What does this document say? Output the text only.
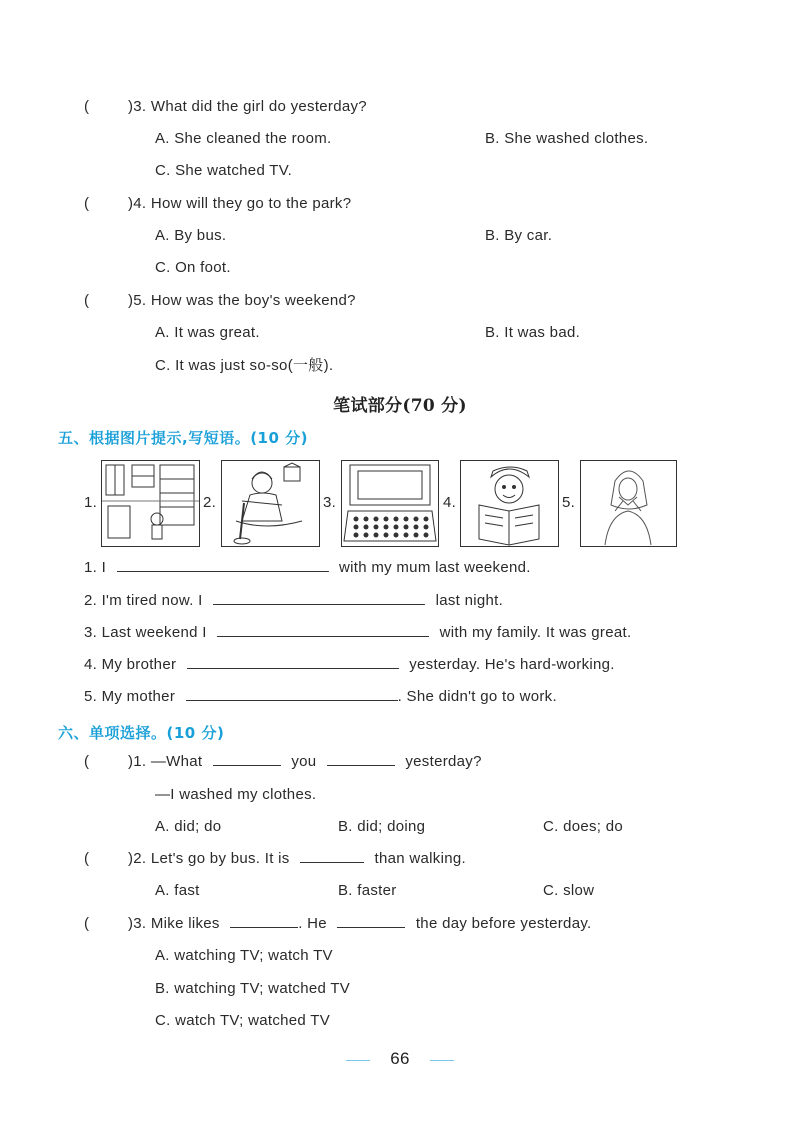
(	)3. What did the girl do yesterday?
A. She cleaned the room.	B. She washed clothes.
C. She watched TV.
(	)4. How will they go to the park?
A. By bus.	B. By car.
C. On foot.
(	)5. How was the boy's weekend?
A. It was great.	B. It was bad.
C. It was just so-so(一般).
笔试部分(70 分)
五、根据图片提示,写短语。(10 分)
1.	2.	3.	4.	5.
1. I	with my mum last weekend.
2. I'm tired now. I	last night.
3. Last weekend I	with my family. It was great.
4. My brother	yesterday. He's hard-working.
5. My mother	. She didn't go to work.
六、单项选择。(10 分)
(	)1. —What	you	yesterday?
—I washed my clothes.
A. did; do	B. did; doing	C. does; do
(	)2. Let's go by bus. It is	than walking.
A. fast	B. faster	C. slow
(	)3. Mike likes	. He	the day before yesterday.
A. watching TV; watch TV
B. watching TV; watched TV
C. watch TV; watched TV
66
